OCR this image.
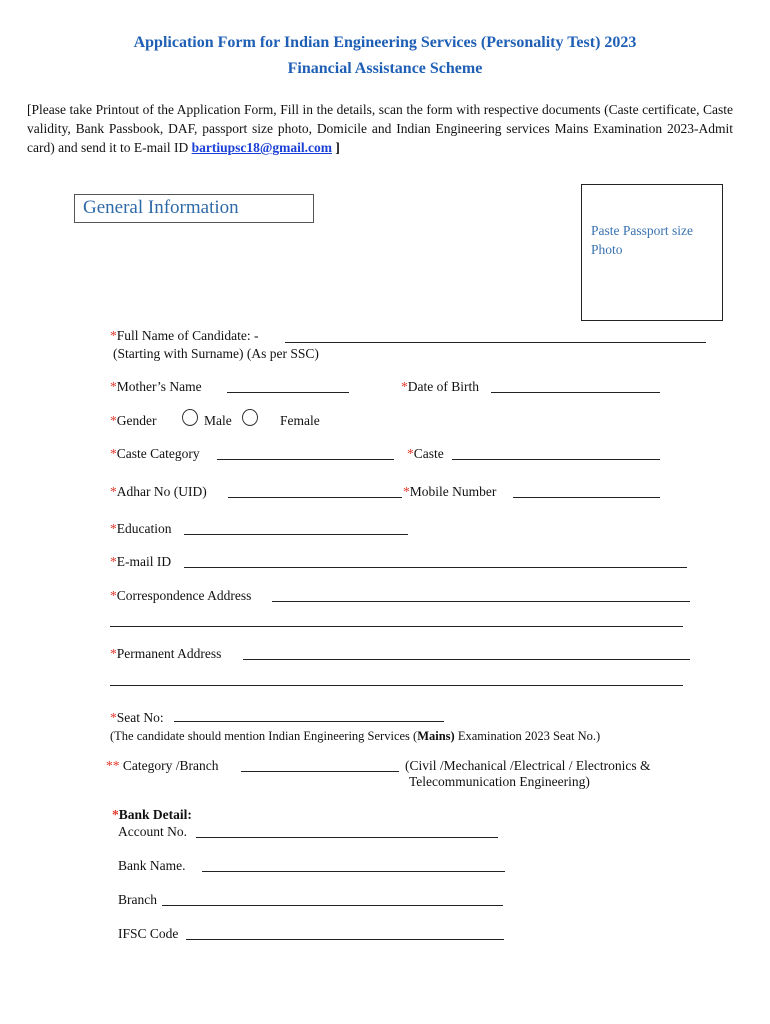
Application Form for Indian Engineering Services (Personality Test) 2023
Financial Assistance Scheme
[Please take Printout of the Application Form, Fill in the details, scan the form with respective documents (Caste certificate, Caste validity, Bank Passbook, DAF, passport size photo, Domicile and Indian Engineering services Mains Examination 2023-Admit card) and send it to E-mail ID bartiupsc18@gmail.com ]
General Information
Paste Passport size
Photo
*Full Name of Candidate: -
(Starting with Surname) (As per SSC)
*Mother’s Name	*Date of Birth
*Gender	Male	Female
*Caste Category	*Caste
*Adhar No (UID)	*Mobile Number
*Education
*E-mail ID
*Correspondence Address
*Permanent Address
*Seat No:
(The candidate should mention Indian Engineering Services (Mains) Examination 2023 Seat No.)
** Category /Branch	(Civil /Mechanical /Electrical / Electronics &
Telecommunication Engineering)
*Bank Detail:
Account No.
Bank Name.
Branch
IFSC Code
